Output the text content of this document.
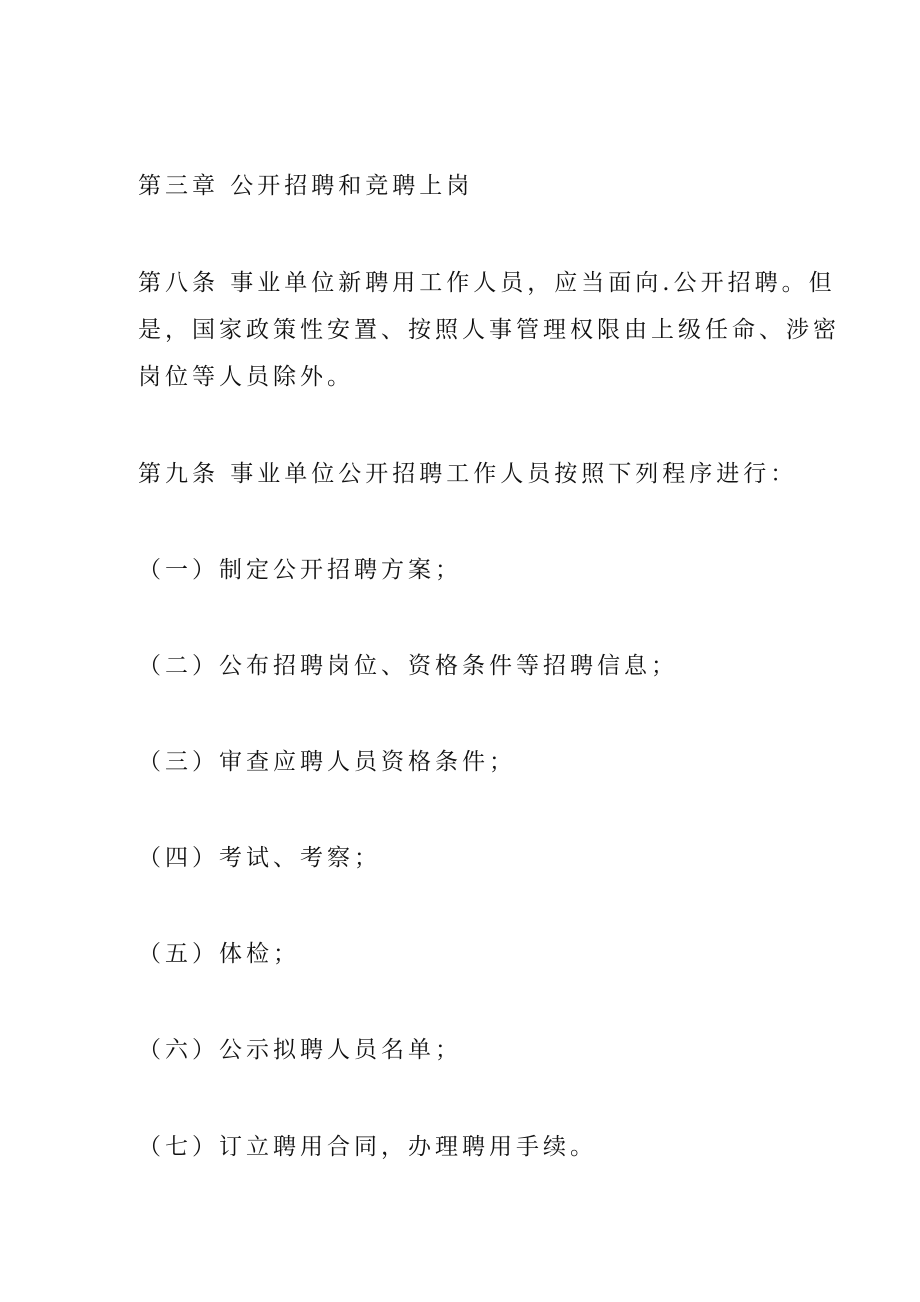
第三章 公开招聘和竞聘上岗
第八条 事业单位新聘用工作人员，应当面向.公开招聘。但
是，国家政策性安置、按照人事管理权限由上级任命、涉密
岗位等人员除外。
第九条 事业单位公开招聘工作人员按照下列程序进行：
（一）制定公开招聘方案；
（二）公布招聘岗位、资格条件等招聘信息；
（三）审查应聘人员资格条件；
（四）考试、考察；
（五）体检；
（六）公示拟聘人员名单；
（七）订立聘用合同，办理聘用手续。
